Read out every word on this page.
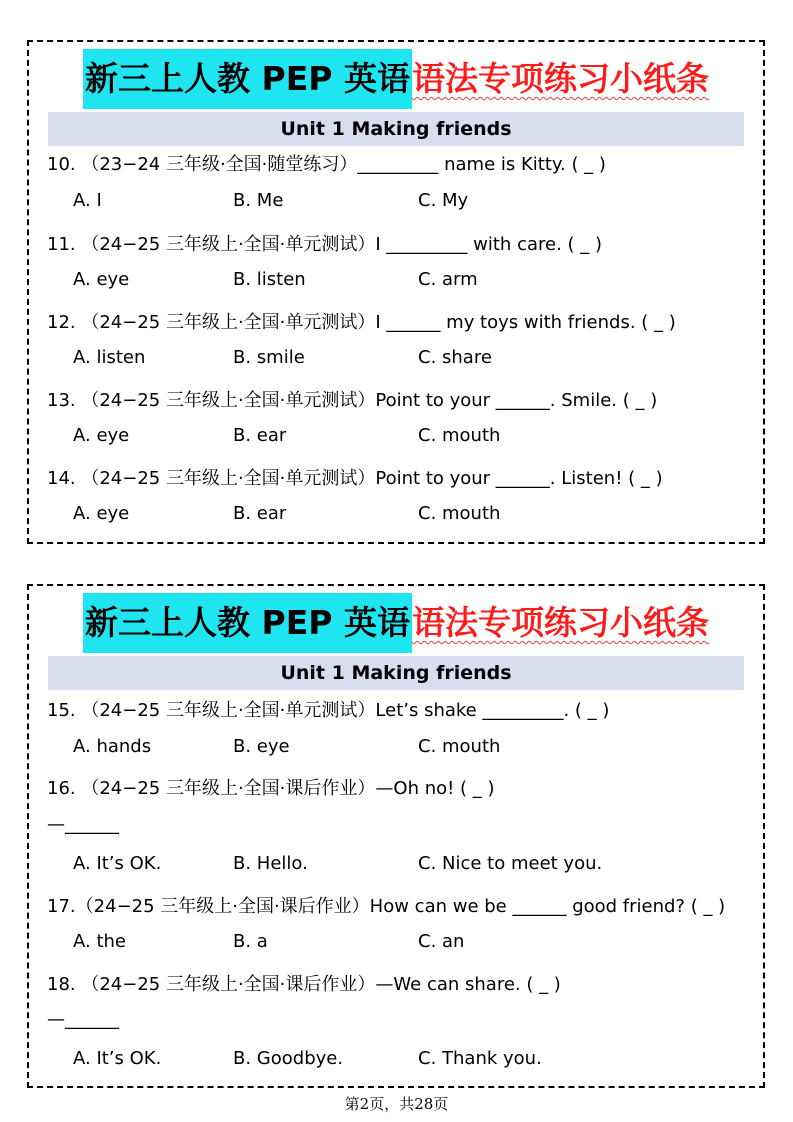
新三上人教 PEP 英语 语法专项练习小纸条
Unit 1 Making friends
10. （23−24 三年级·全国·随堂练习）_________ name is Kitty. ( _ )
A. I	B. Me	C. My
11. （24−25 三年级上·全国·单元测试）I _________ with care. ( _ )
A. eye	B. listen	C. arm
12. （24−25 三年级上·全国·单元测试）I ______ my toys with friends. ( _ )
A. listen	B. smile	C. share
13. （24−25 三年级上·全国·单元测试）Point to your ______. Smile. ( _ )
A. eye	B. ear	C. mouth
14. （24−25 三年级上·全国·单元测试）Point to your ______. Listen! ( _ )
A. eye	B. ear	C. mouth
新三上人教 PEP 英语 语法专项练习小纸条
Unit 1 Making friends
15. （24−25 三年级上·全国·单元测试）Let’s shake _________. ( _ )
A. hands	B. eye	C. mouth
16. （24−25 三年级上·全国·课后作业）—Oh no! ( _ )
—______
A. It’s OK.	B. Hello.	C. Nice to meet you.
17.（24−25 三年级上·全国·课后作业）How can we be ______ good friend? ( _ )
A. the	B. a	C. an
18. （24−25 三年级上·全国·课后作业）—We can share. ( _ )
—______
A. It’s OK.	B. Goodbye.	C. Thank you.
第2页，共28页
